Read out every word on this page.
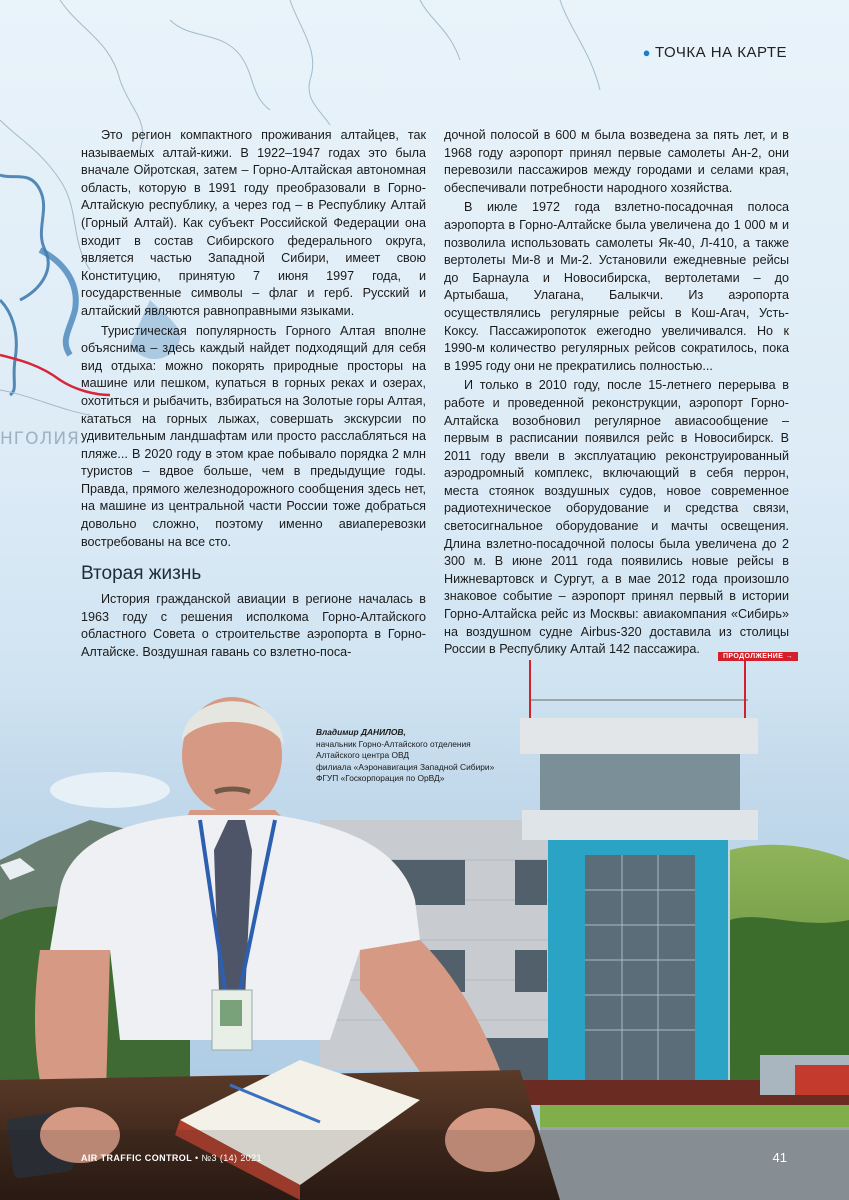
● ТОЧКА НА КАРТЕ
НГОЛИЯ

Это регион компактного проживания алтайцев, так называемых алтай-кижи. В 1922–1947 годах это была вначале Ойротская, затем – Горно-Алтайская автономная область, которую в 1991 году преобразовали в Горно-Алтайскую республику, а через год – в Республику Алтай (Горный Алтай). Как субъект Российской Федерации она входит в состав Сибирского федерального округа, является частью Западной Сибири, имеет свою Конституцию, принятую 7 июня 1997 года, и государственные символы – флаг и герб. Русский и алтайский являются равноправными языками.

Туристическая популярность Горного Алтая вполне объяснима – здесь каждый найдет подходящий для себя вид отдыха: можно покорять природные просторы на машине или пешком, купаться в горных реках и озерах, охотиться и рыбачить, взбираться на Золотые горы Алтая, кататься на горных лыжах, совершать экскурсии по удивительным ландшафтам или просто расслабляться на пляже... В 2020 году в этом крае побывало порядка 2 млн туристов – вдвое больше, чем в предыдущие годы. Правда, прямого железнодорожного сообщения здесь нет, на машине из центральной части России тоже добраться довольно сложно, поэтому именно авиаперевозки востребованы на все сто.

Вторая жизнь

История гражданской авиации в регионе началась в 1963 году с решения исполкома Горно-Алтайского областного Совета о строительстве аэропорта в Горно-Алтайске. Воздушная гавань со взлетно-поса-

дочной полосой в 600 м была возведена за пять лет, и в 1968 году аэропорт принял первые самолеты Ан-2, они перевозили пассажиров между городами и селами края, обеспечивали потребности народного хозяйства.

В июле 1972 года взлетно-посадочная полоса аэропорта в Горно-Алтайске была увеличена до 1 000 м и позволила использовать самолеты Як-40, Л-410, а также вертолеты Ми-8 и Ми-2. Установили ежедневные рейсы до Барнаула и Новосибирска, вертолетами – до Артыбаша, Улагана, Балыкчи. Из аэропорта осуществлялись регулярные рейсы в Кош-Агач, Усть-Коксу. Пассажиропоток ежегодно увеличивался. Но к 1990-м количество регулярных рейсов сократилось, пока в 1995 году они не прекратились полностью...

И только в 2010 году, после 15-летнего перерыва в работе и проведенной реконструкции, аэропорт Горно-Алтайска возобновил регулярное авиасообщение – первым в расписании появился рейс в Новосибирск. В 2011 году ввели в эксплуатацию реконструированный аэродромный комплекс, включающий в себя перрон, места стоянок воздушных судов, новое современное радиотехническое оборудование и средства связи, светосигнальное оборудование и мачты освещения. Длина взлетно-посадочной полосы была увеличена до 2 300 м. В июне 2011 года появились новые рейсы в Нижневартовск и Сургут, а в мае 2012 года произошло знаковое событие – аэропорт принял первый в истории Горно-Алтайска рейс из Москвы: авиакомпания «Сибирь» на воздушном судне Airbus-320 доставила из столицы России в Республику Алтай 142 пассажира.

ПРОДОЛЖЕНИЕ →
Владимир ДАНИЛОВ,
начальник Горно-Алтайского отделения
Алтайского центра ОВД
филиала «Аэронавигация Западной Сибири»
ФГУП «Госкорпорация по ОрВД»
AIR TRAFFIC CONTROL • №3 (14) 2021	41
